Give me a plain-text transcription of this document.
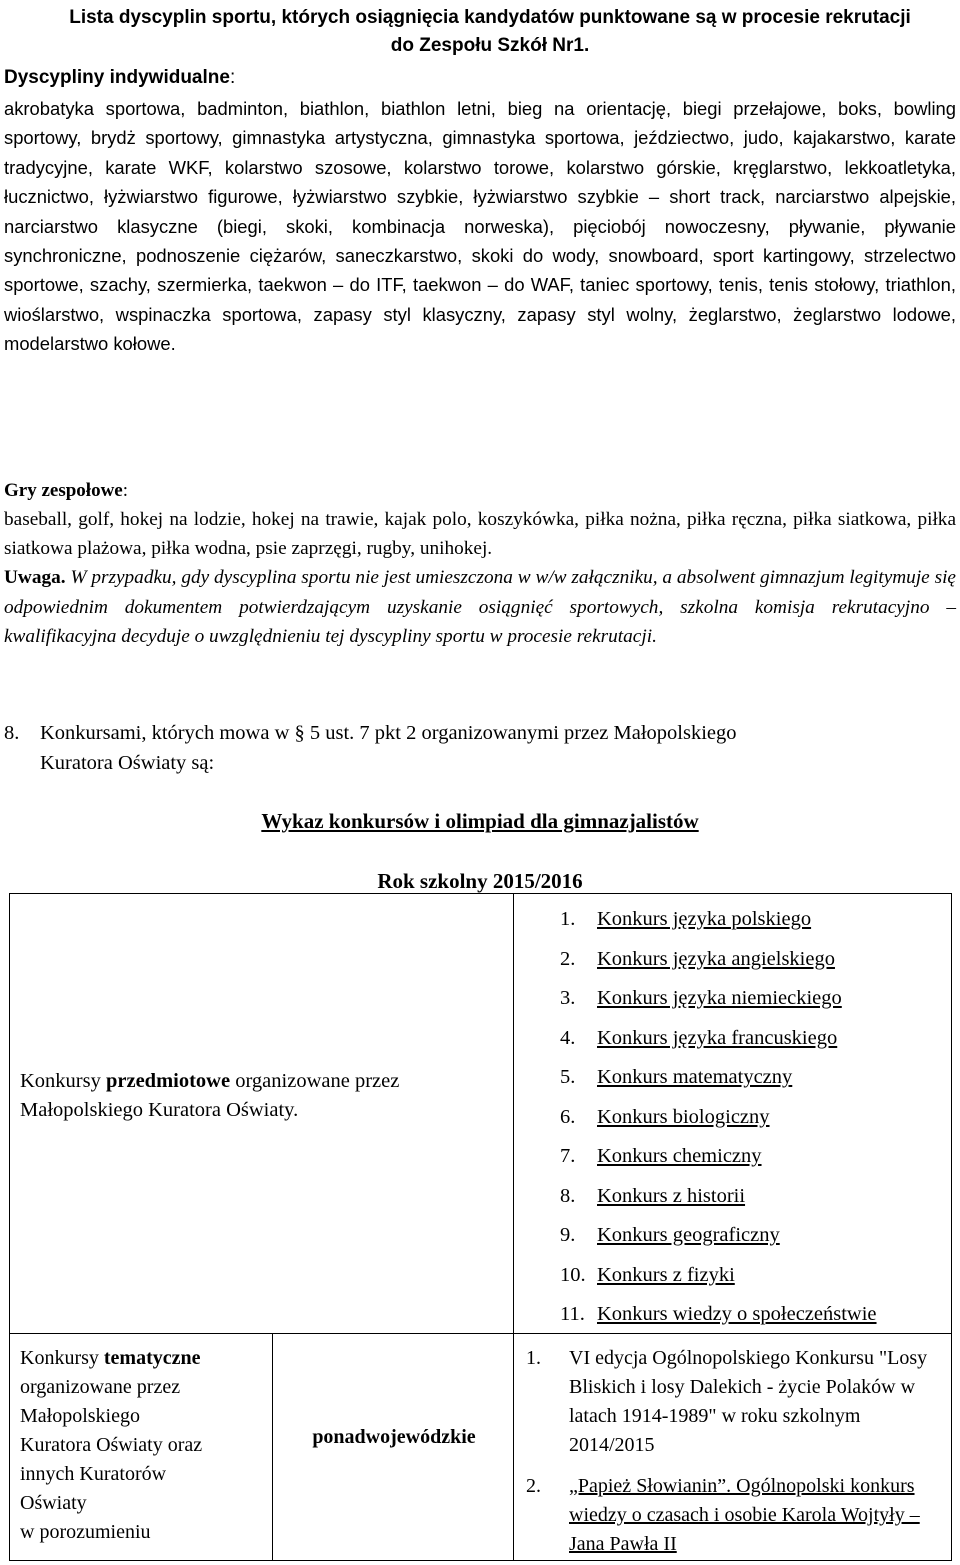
Lista dyscyplin sportu, których osiągnięcia kandydatów punktowane są w procesie rekrutacji do Zespołu Szkół Nr1.
Dyscypliny indywidualne:
akrobatyka sportowa, badminton, biathlon, biathlon letni, bieg na orientację, biegi przełajowe, boks, bowling sportowy, brydż sportowy, gimnastyka artystyczna, gimnastyka sportowa, jeździectwo, judo, kajakarstwo, karate tradycyjne, karate WKF, kolarstwo szosowe, kolarstwo torowe, kolarstwo górskie, kręglarstwo, lekkoatletyka, łucznictwo, łyżwiarstwo figurowe, łyżwiarstwo szybkie, łyżwiarstwo szybkie – short track, narciarstwo alpejskie, narciarstwo klasyczne (biegi, skoki, kombinacja norweska), pięciobój nowoczesny, pływanie, pływanie synchroniczne, podnoszenie ciężarów, saneczkarstwo, skoki do wody, snowboard, sport kartingowy, strzelectwo sportowe, szachy, szermierka, taekwon – do ITF, taekwon – do WAF, taniec sportowy, tenis, tenis stołowy, triathlon, wioślarstwo, wspinaczka sportowa, zapasy styl klasyczny, zapasy styl wolny, żeglarstwo, żeglarstwo lodowe, modelarstwo kołowe.
Gry zespołowe:
baseball, golf, hokej na lodzie, hokej na trawie, kajak polo, koszykówka, piłka nożna, piłka ręczna, piłka siatkowa, piłka siatkowa plażowa, piłka wodna, psie zaprzęgi, rugby, unihokej.
Uwaga. W przypadku, gdy dyscyplina sportu nie jest umieszczona w w/w załączniku, a absolwent gimnazjum legitymuje się odpowiednim dokumentem potwierdzającym uzyskanie osiągnięć sportowych, szkolna komisja rekrutacyjno – kwalifikacyjna decyduje o uwzględnieniu tej dyscypliny sportu w procesie rekrutacji.
8. Konkursami, których mowa w § 5 ust. 7 pkt 2 organizowanymi przez Małopolskiego
Kuratora Oświaty są:
Wykaz konkursów i olimpiad dla gimnazjalistów
Rok szkolny 2015/2016
Konkursy przedmiotowe organizowane przez
Małopolskiego Kuratora Oświaty.
1. Konkurs języka polskiego
2. Konkurs języka angielskiego
3. Konkurs języka niemieckiego
4. Konkurs języka francuskiego
5. Konkurs matematyczny
6. Konkurs biologiczny
7. Konkurs chemiczny
8. Konkurs z historii
9. Konkurs geograficzny
10. Konkurs z fizyki
11. Konkurs wiedzy o społeczeństwie
Konkursy tematyczne
organizowane przez
Małopolskiego
Kuratora Oświaty oraz
innych Kuratorów
Oświaty
w porozumieniu
ponadwojewódzkie
1. VI edycja Ogólnopolskiego Konkursu "Losy Bliskich i losy Dalekich - życie Polaków w latach 1914-1989" w roku szkolnym 2014/2015
2. „Papież Słowianin”. Ogólnopolski konkurs wiedzy o czasach i osobie Karola Wojtyły – Jana Pawła II
